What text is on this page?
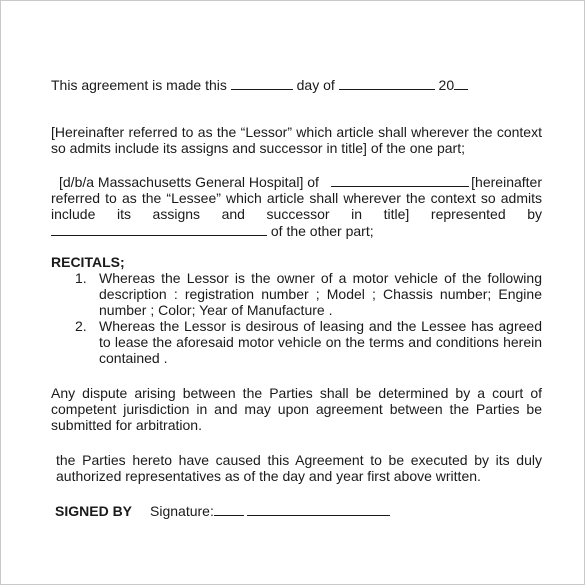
This agreement is made this	day of	20
[Hereinafter referred to as the “Lessor” which article shall wherever the context so admits include its assigns and successor in title] of the one part;
[d/b/a Massachusetts General Hospital] of	[hereinafter
referred to as the “Lessee” which article shall wherever the context so admits
include its assigns and successor in title] represented by
of the other part;
RECITALS;
1. Whereas the Lessor is the owner of a motor vehicle of the following description : registration number ; Model ; Chassis number; Engine number ; Color; Year of Manufacture .
2. Whereas the Lessor is desirous of leasing and the Lessee has agreed to lease the aforesaid motor vehicle on the terms and conditions herein contained .
Any dispute arising between the Parties shall be determined by a court of competent jurisdiction in and may upon agreement between the Parties be submitted for arbitration.
the Parties hereto have caused this Agreement to be executed by its duly authorized representatives as of the day and year first above written.
SIGNED BY Signature:
